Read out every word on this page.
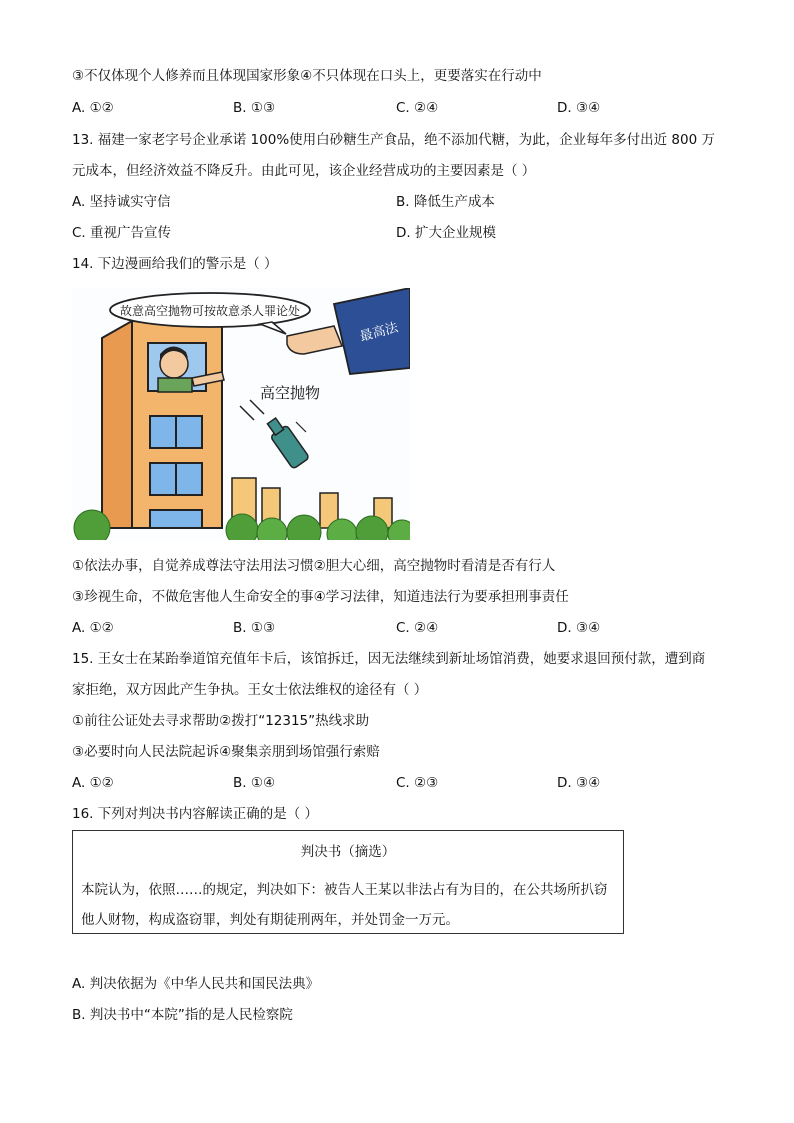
③不仅体现个人修养而且体现国家形象④不只体现在口头上，更要落实在行动中
A. ①②	B. ①③	C. ②④	D. ③④
13. 福建一家老字号企业承诺 100%使用白砂糖生产食品，绝不添加代糖，为此，企业每年多付出近 800 万
元成本，但经济效益不降反升。由此可见，该企业经营成功的主要因素是（ ）
A. 坚持诚实守信	B. 降低生产成本
C. 重视广告宣传	D. 扩大企业规模
14. 下边漫画给我们的警示是（ ）
故意高空抛物可按故意杀人罪论处
最高法
高空抛物
①依法办事，自觉养成尊法守法用法习惯②胆大心细，高空抛物时看清是否有行人
③珍视生命，不做危害他人生命安全的事④学习法律，知道违法行为要承担刑事责任
A. ①②	B. ①③	C. ②④	D. ③④
15. 王女士在某跆拳道馆充值年卡后，该馆拆迁，因无法继续到新址场馆消费，她要求退回预付款，遭到商
家拒绝，双方因此产生争执。王女士依法维权的途径有（ ）
①前往公证处去寻求帮助②拨打“12315”热线求助
③必要时向人民法院起诉④聚集亲朋到场馆强行索赔
A. ①②	B. ①④	C. ②③	D. ③④
16. 下列对判决书内容解读正确的是（ ）
判决书（摘选）
本院认为，依照……的规定，判决如下：被告人王某以非法占有为目的，在公共场所扒窃他人财物，构成盗窃罪，判处有期徒刑两年，并处罚金一万元。
A. 判决依据为《中华人民共和国民法典》
B. 判决书中“本院”指的是人民检察院
